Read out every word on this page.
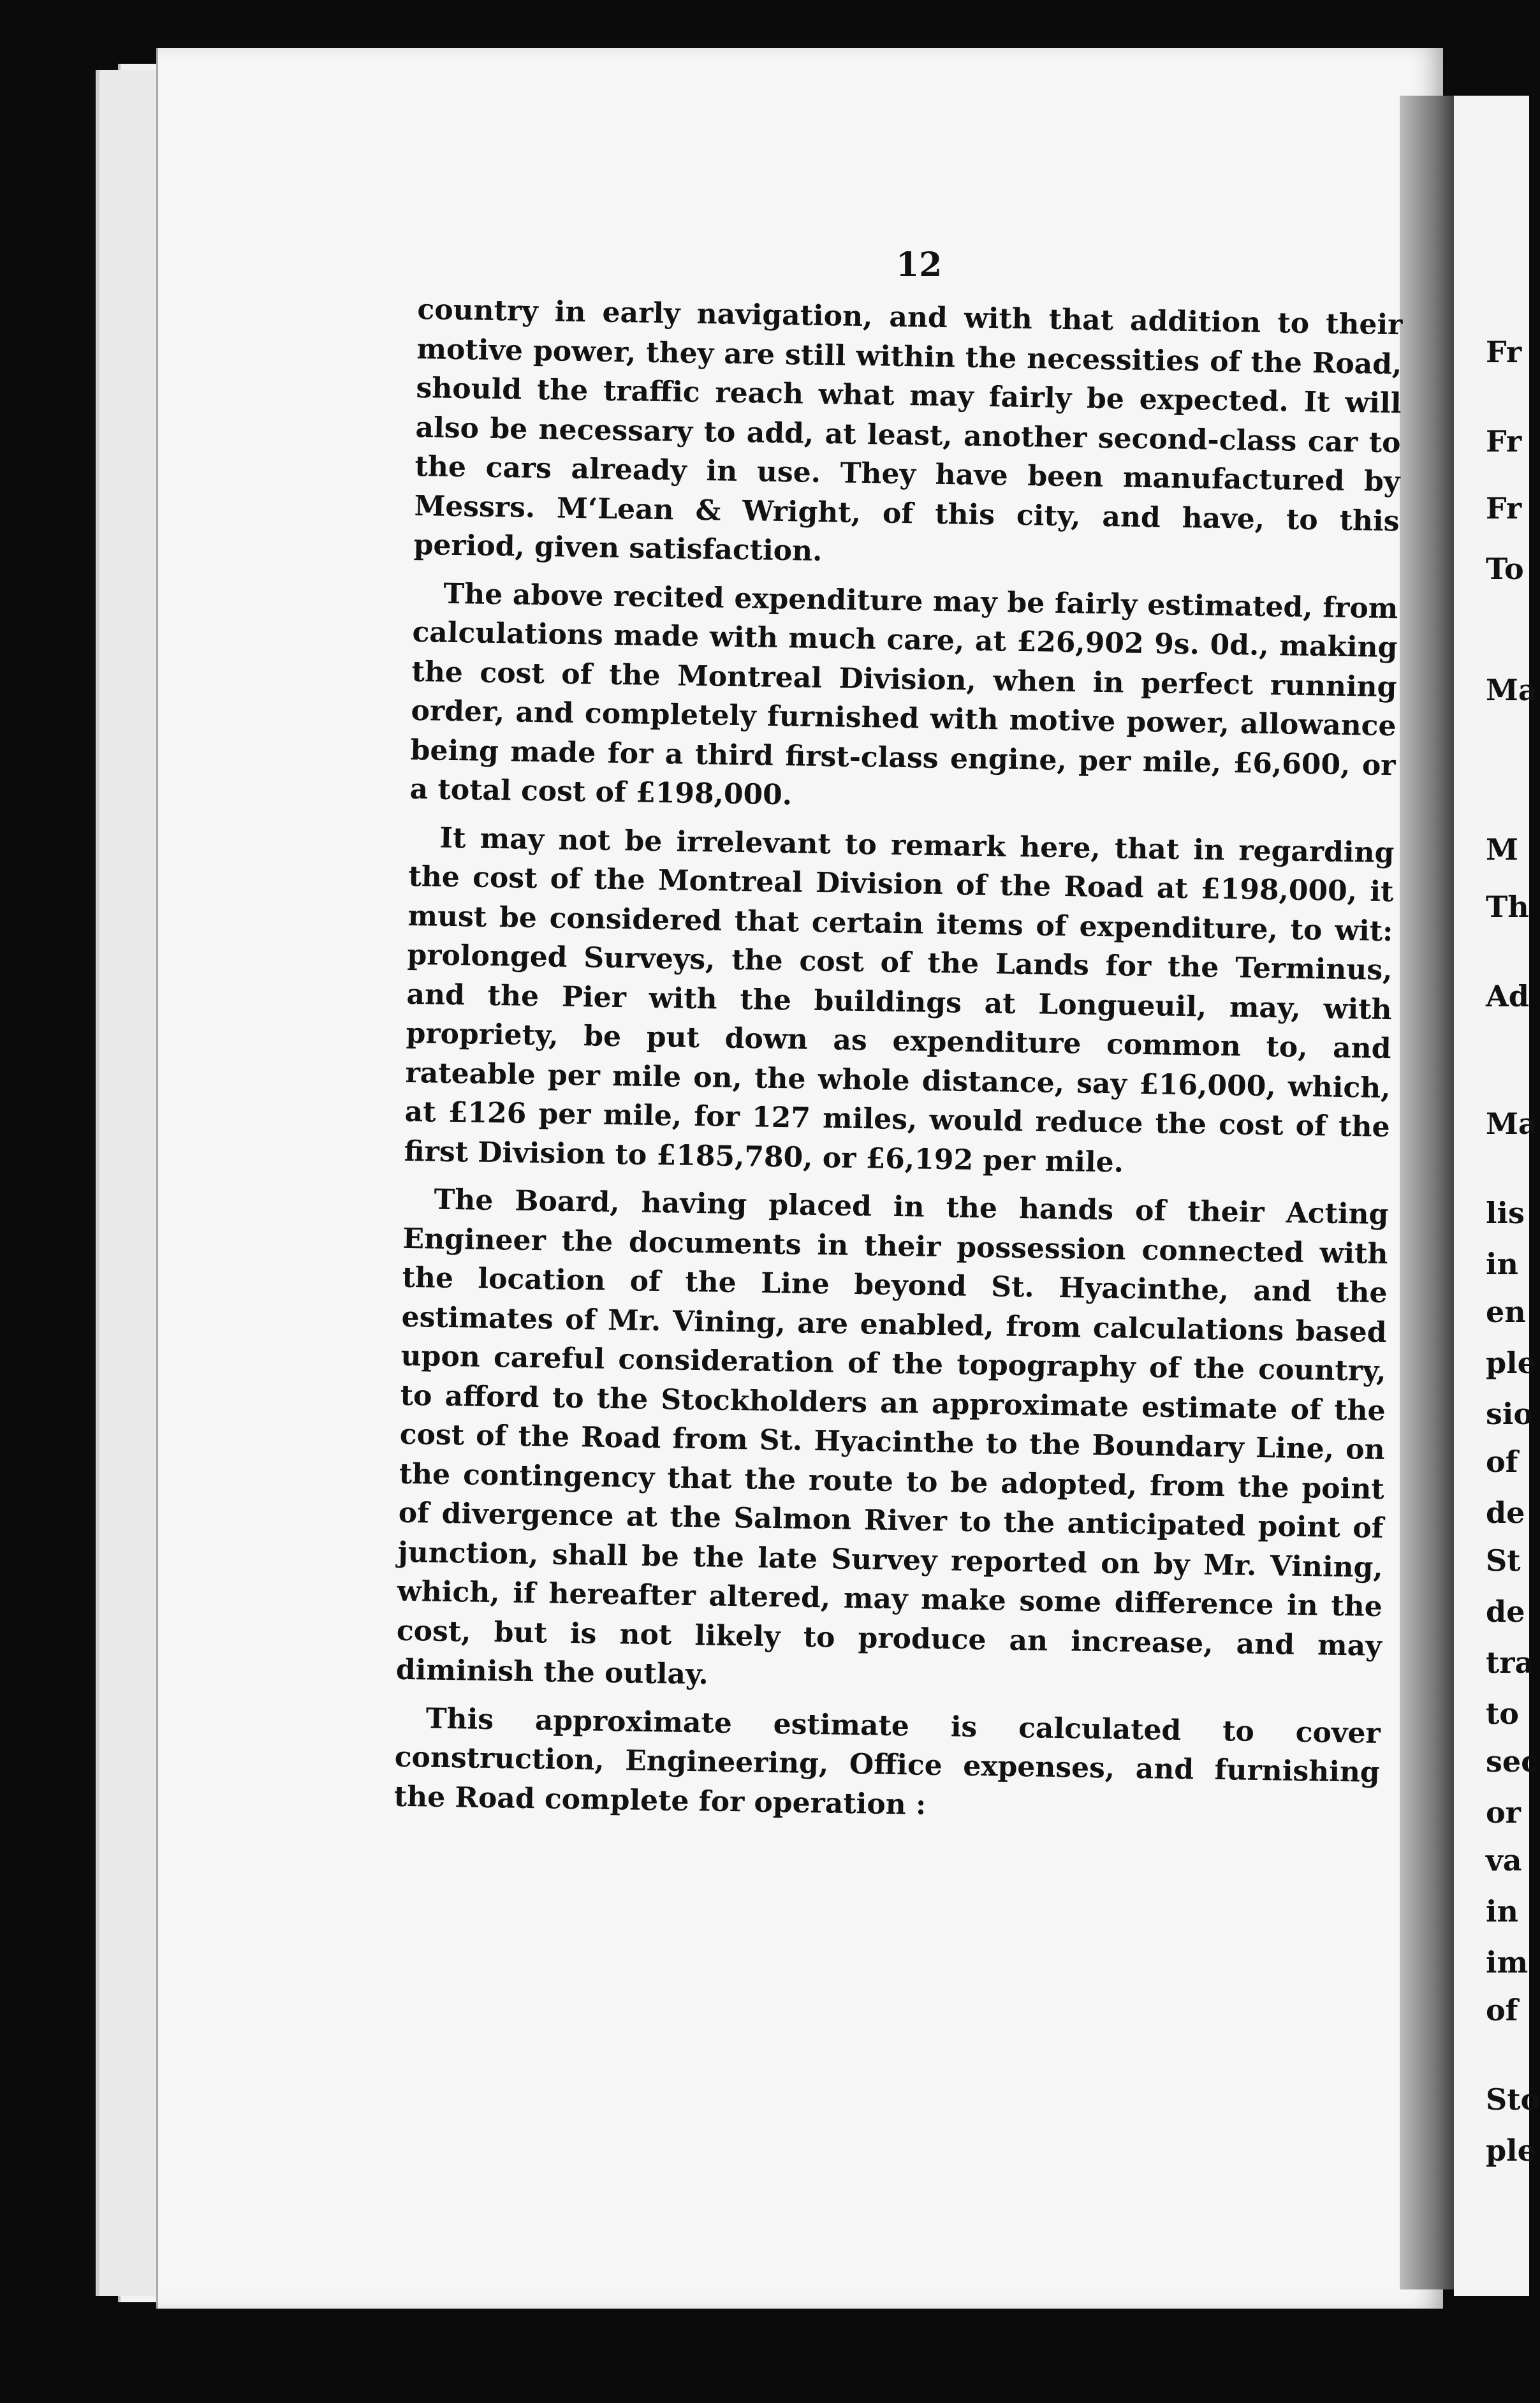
12

country in early navigation, and with that addition to their motive power, they are still within the necessities of the Road, should the traffic reach what may fairly be expected. It will also be necessary to add, at least, another second-class car to the cars already in use. They have been manufactured by Messrs. M‘Lean & Wright, of this city, and have, to this period, given satisfaction.

The above recited expenditure may be fairly estimated, from calculations made with much care, at £26,902 9s. 0d., making the cost of the Montreal Division, when in perfect running order, and completely furnished with motive power, allowance being made for a third first-class engine, per mile, £6,600, or a total cost of £198,000.

It may not be irrelevant to remark here, that in regarding the cost of the Montreal Division of the Road at £198,000, it must be considered that certain items of expenditure, to wit: prolonged Surveys, the cost of the Lands for the Terminus, and the Pier with the buildings at Longueuil, may, with propriety, be put down as expenditure common to, and rateable per mile on, the whole distance, say £16,000, which, at £126 per mile, for 127 miles, would reduce the cost of the first Division to £185,780, or £6,192 per mile.

The Board, having placed in the hands of their Acting Engineer the documents in their possession connected with the location of the Line beyond St. Hyacinthe, and the estimates of Mr. Vining, are enabled, from calculations based upon careful consideration of the topography of the country, to afford to the Stockholders an approximate estimate of the cost of the Road from St. Hyacinthe to the Boundary Line, on the contingency that the route to be adopted, from the point of divergence at the Salmon River to the anticipated point of junction, shall be the late Survey reported on by Mr. Vining, which, if hereafter altered, may make some difference in the cost, but is not likely to produce an increase, and may diminish the outlay.

This approximate estimate is calculated to cover construction, Engineering, Office expenses, and furnishing the Road complete for operation :

Fr
Fr
Fr
To
Ma
M
Th
Ad
Ma
lis
in
en
ple
sio
of
de
St
de
tra
to
sec
or
va
in
im
of
Sto
ple
